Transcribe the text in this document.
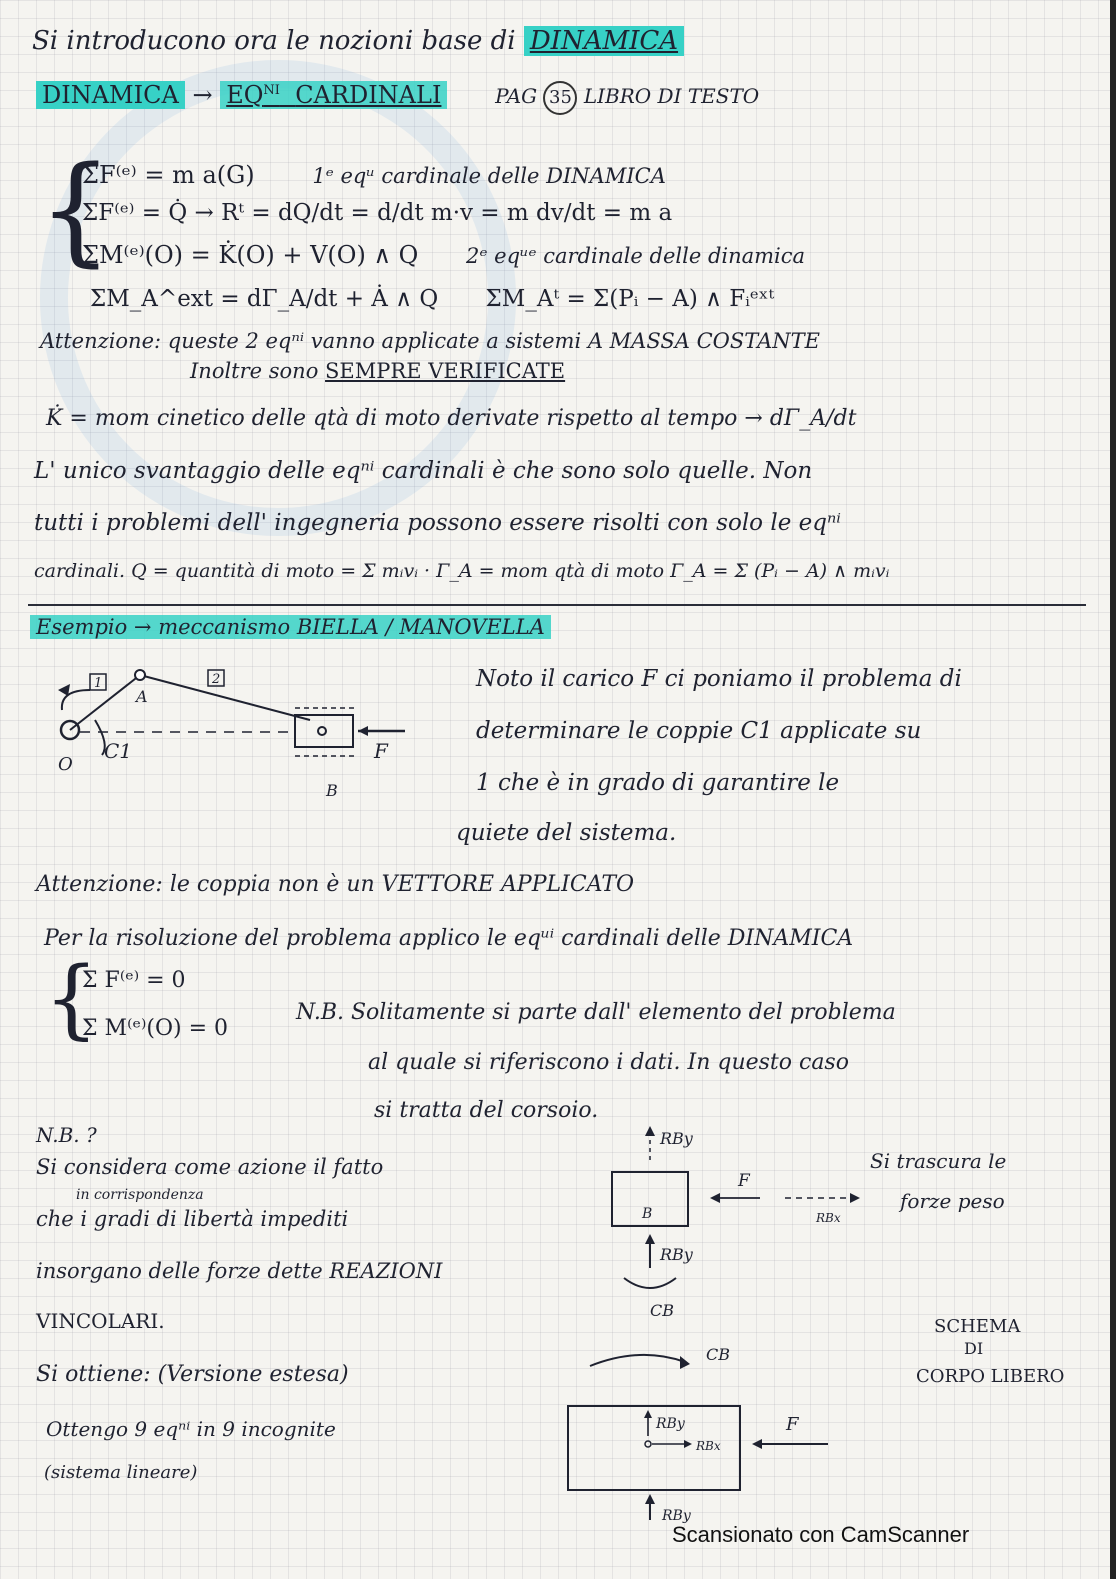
Si introducono ora le nozioni base di DINAMICA
DINAMICA → $EQ^{NI}$ CARDINALI	PAG 35 LIBRO DI TESTO
{
ΣF⁽ᵉ⁾ = m a(G)	1ᵉ eqᵘ cardinale delle DINAMICA
ΣF⁽ᵉ⁾ = Q̇ → Rᵗ = dQ/dt = d/dt m·v = m dv/dt = m a
ΣM⁽ᵉ⁾(O) = K̇(O) + V(O) ∧ Q 2ᵉ eqᵘᵉ cardinale delle dinamica
ΣM_A^ext = dΓ_A/dt + Ȧ ∧ Q ΣM_Aᵗ = Σ(Pᵢ − A) ∧ Fᵢᵉˣᵗ
Attenzione: queste 2 eqⁿⁱ vanno applicate a sistemi A MASSA COSTANTE
Inoltre sono SEMPRE VERIFICATE
K̇ = mom cinetico delle qtà di moto derivate rispetto al tempo → dΓ_A/dt
L' unico svantaggio delle eqⁿⁱ cardinali è che sono solo quelle. Non
tutti i problemi dell' ingegneria possono essere risolti con solo le eqⁿⁱ
cardinali. Q = quantità di moto = Σ mᵢvᵢ · Γ_A = mom qtà di moto Γ_A = Σ (Pᵢ − A) ∧ mᵢvᵢ
Esempio → meccanismo BIELLA / MANOVELLA
1	2
A
O
C1	F
B
Noto il carico F ci poniamo il problema di
determinare le coppie C1 applicate su
1 che è in grado di garantire le
quiete del sistema.
Attenzione: le coppia non è un VETTORE APPLICATO
Per la risoluzione del problema applico le eqᵘⁱ cardinali delle DINAMICA
{
Σ F⁽ᵉ⁾ = 0
Σ M⁽ᵉ⁾(O) = 0
N.B. Solitamente si parte dall' elemento del problema
al quale si riferiscono i dati. In questo caso
si tratta del corsoio.
N.B. ?
Si considera come azione il fatto
in corrispondenza
che i gradi di libertà impediti
insorgano delle forze dette REAZIONI
VINCOLARI.
Si ottiene: (Versione estesa)
Ottengo 9 eqⁿⁱ in 9 incognite
(sistema lineare)
RBy
F
RBx
B
RBy
CB
Si trascura le
forze peso
CB
SCHEMA
DI
CORPO LIBERO
RBy
RBx
F
RBy
Scansionato con CamScanner
